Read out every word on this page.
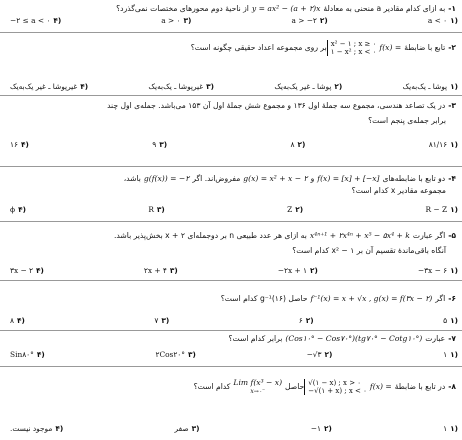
۱-
به ازای کدام مقادیر a منحنی به معادلهٔ
y = ax² − (a + ۲)x
از ناحیهٔ دوم محورهای مختصات نمی‌گذرد؟
(۱
a < ۰
(۲
a > −۲
(۳
a > ۰
(۴
−۲ ≤ a < ۰
۲-
تابع با ضابطهٔ
f(x) =
x² − ۱ ; x ≥ ۰
۱ − x² ; x < ۰
بر روی مجموعه اعداد حقیقی چگونه است؟
(۱
پوشا ـ یک‌به‌یک
(۲
پوشا ـ غیر یک‌به‌یک
(۳
غیرپوشا ـ یک‌به‌یک
(۴
غیرپوشا ـ غیر یک‌به‌یک
۳-
در یک تصاعد هندسی، مجموع سه جملهٔ اول ۱۳۶ و مجموع شش جملهٔ اول آن ۱۵۳ می‌باشد. جمله‌ی اول چند
برابر جمله‌ی پنجم است؟
(۱
۸۱/۱۶
(۲
۸
(۳
۹
(۴
۱۶
۴-
دو تابع با ضابطه‌های
f(x) = [x] + [−x]
و
g(x) = x² + x − ۲
مفروض‌اند. اگر
g(f(x)) = −۲
باشد،
مجموعه مقادیر x کدام است؟
(۱
R − Z
(۲
Z
(۳
R
(۴
ϕ
۵-
اگر عبارت
x⁴ⁿ⁺¹ + ۲x⁴ⁿ + x⁵ − ۵x⁴ + k
به ازای هر عدد طبیعی n بر دوجمله‌ای x + ۲ بخش‌پذیر باشد.
آنگاه باقی‌ماندهٔ تقسیم آن بر x² − ۱ کدام است؟
(۱
−۳x − ۶
(۲
−۲x + ۱
(۳
۲x + ۴
(۴
۳x − ۲
۶-
اگر
f⁻¹(x) = x + √x , g(x) = f(۳x − ۲)
حاصل g⁻¹(۱۶) کدام است؟
(۱
۵
(۲
۶
(۳
۷
(۴
۸
۷-
عبارت
(Cos۱۰° − Cos۷۰°)(tg۷۰° − Cotg۱۰°)
برابر کدام است؟
(۱
۱
(۲
−√۳
(۳
۲Cos۲۰°
(۴
Sin۸۰°
۸-
در تابع با ضابطهٔ
f(x) =
√(۱ − x) ; x > ۰
−√(۱ + x) ; x < ۰
حاصل
Lim f(x³ − x)
x→۰⁻
کدام است؟
(۱
۱
(۲
−۱
(۳
صفر
(۴
موجود نیست.
